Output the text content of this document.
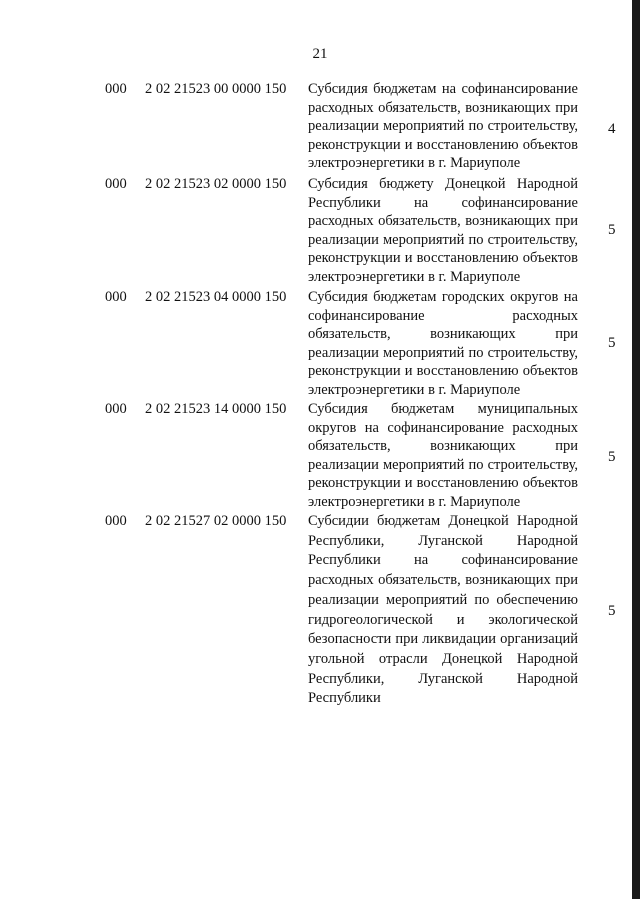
21
000 2 02 21523 00 0000 150 Субсидия бюджетам на софинансирование
расходных обязательств, возникающих при
реализации мероприятий по строительству,
реконструкции и восстановлению объектов
электроэнергетики в г. Мариуполе
4
000 2 02 21523 02 0000 150 Субсидия бюджету Донецкой Народной
Республики на софинансирование
расходных обязательств, возникающих при
реализации мероприятий по строительству,
реконструкции и восстановлению объектов
электроэнергетики в г. Мариуполе
5
000 2 02 21523 04 0000 150 Субсидия бюджетам городских округов на
софинансирование расходных
обязательств, возникающих при
реализации мероприятий по строительству,
реконструкции и восстановлению объектов
электроэнергетики в г. Мариуполе
5
000 2 02 21523 14 0000 150 Субсидия бюджетам муниципальных
округов на софинансирование расходных
обязательств, возникающих при
реализации мероприятий по строительству,
реконструкции и восстановлению объектов
электроэнергетики в г. Мариуполе
5
000 2 02 21527 02 0000 150 Субсидии бюджетам Донецкой Народной
Республики, Луганской Народной
Республики на софинансирование
расходных обязательств, возникающих при
реализации мероприятий по обеспечению
гидрогеологической и экологической
безопасности при ликвидации организаций
угольной отрасли Донецкой Народной
Республики, Луганской Народной
Республики
5
